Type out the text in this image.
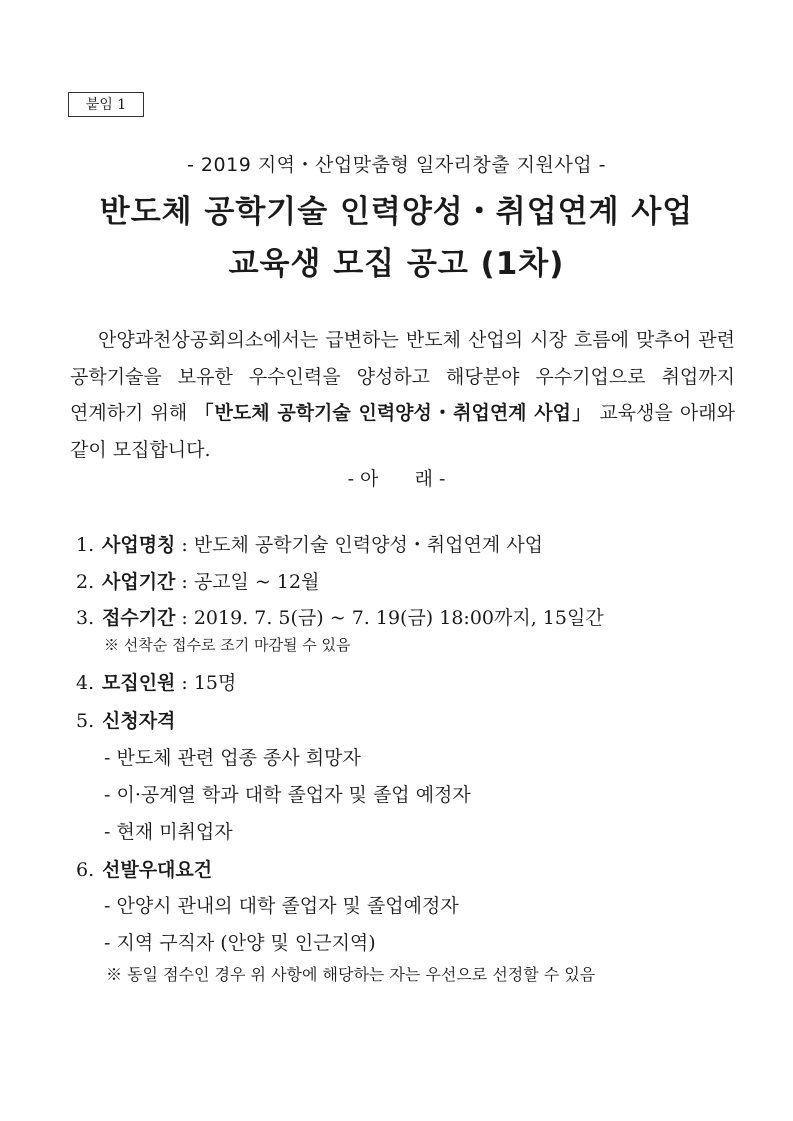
붙임 1
- 2019 지역・산업맞춤형 일자리창출 지원사업 -
반도체 공학기술 인력양성・취업연계 사업
교육생 모집 공고 (1차)
안양과천상공회의소에서는 급변하는 반도체 산업의 시장 흐름에 맞추어 관련 공학기술을 보유한 우수인력을 양성하고 해당분야 우수기업으로 취업까지 연계하기 위해 「반도체 공학기술 인력양성・취업연계 사업」 교육생을 아래와 같이 모집합니다.
- 아      래 -
1. 사업명칭 : 반도체 공학기술 인력양성・취업연계 사업
2. 사업기간 : 공고일 ~ 12월
3. 접수기간 : 2019. 7. 5(금) ~ 7. 19(금) 18:00까지, 15일간
※ 선착순 접수로 조기 마감될 수 있음
4. 모집인원 : 15명
5. 신청자격
- 반도체 관련 업종 종사 희망자
- 이·공계열 학과 대학 졸업자 및 졸업 예정자
- 현재 미취업자
6. 선발우대요건
- 안양시 관내의 대학 졸업자 및 졸업예정자
- 지역 구직자 (안양 및 인근지역)
※ 동일 점수인 경우 위 사항에 해당하는 자는 우선으로 선정할 수 있음
